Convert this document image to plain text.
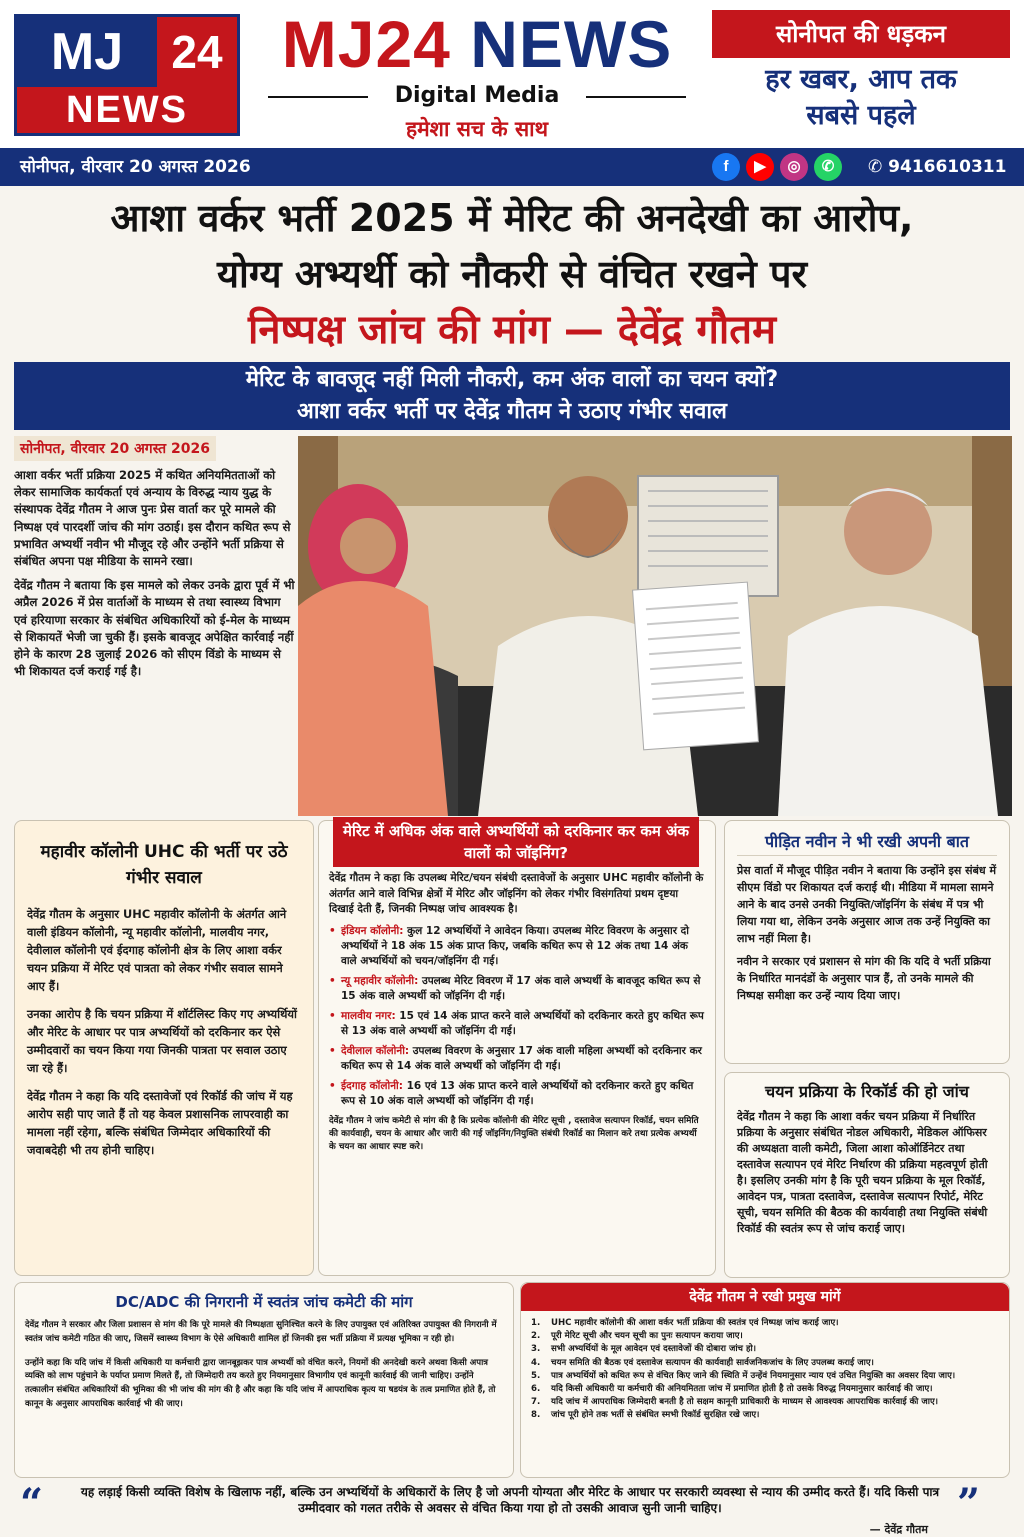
MJ	24
NEWS
MJ24 NEWS
Digital Media
हमेशा सच के साथ
सोनीपत की धड़कन
हर खबर, आप तक
सबसे पहले
सोनीपत, वीरवार 20 अगस्त 2026	f	▶	◎	✆	✆ 9416610311
आशा वर्कर भर्ती 2025 में मेरिट की अनदेखी का आरोप,
योग्य अभ्यर्थी को नौकरी से वंचित रखने पर
निष्पक्ष जांच की मांग — देवेंद्र गौतम
मेरिट के बावजूद नहीं मिली नौकरी, कम अंक वालों का चयन क्यों?
आशा वर्कर भर्ती पर देवेंद्र गौतम ने उठाए गंभीर सवाल
सोनीपत, वीरवार 20 अगस्त 2026

आशा वर्कर भर्ती प्रक्रिया 2025 में कथित अनियमितताओं को लेकर सामाजिक कार्यकर्ता एवं अन्याय के विरुद्ध न्याय युद्ध के संस्थापक देवेंद्र गौतम ने आज पुनः प्रेस वार्ता कर पूरे मामले की निष्पक्ष एवं पारदर्शी जांच की मांग उठाई। इस दौरान कथित रूप से प्रभावित अभ्यर्थी नवीन भी मौजूद रहे और उन्होंने भर्ती प्रक्रिया से संबंधित अपना पक्ष मीडिया के सामने रखा।

देवेंद्र गौतम ने बताया कि इस मामले को लेकर उनके द्वारा पूर्व में भी अप्रैल 2026 में प्रेस वार्ताओं के माध्यम से तथा स्वास्थ्य विभाग एवं हरियाणा सरकार के संबंधित अधिकारियों को ई-मेल के माध्यम से शिकायतें भेजी जा चुकी हैं। इसके बावजूद अपेक्षित कार्रवाई नहीं होने के कारण 28 जुलाई 2026 को सीएम विंडो के माध्यम से भी शिकायत दर्ज कराई गई है।

महावीर कॉलोनी UHC की भर्ती पर उठे गंभीर सवाल

देवेंद्र गौतम के अनुसार UHC महावीर कॉलोनी के अंतर्गत आने वाली इंडियन कॉलोनी, न्यू महावीर कॉलोनी, मालवीय नगर, देवीलाल कॉलोनी एवं ईदगाह कॉलोनी क्षेत्र के लिए आशा वर्कर चयन प्रक्रिया में मेरिट एवं पात्रता को लेकर गंभीर सवाल सामने आए हैं।

उनका आरोप है कि चयन प्रक्रिया में शॉर्टलिस्ट किए गए अभ्यर्थियों और मेरिट के आधार पर पात्र अभ्यर्थियों को दरकिनार कर ऐसे उम्मीदवारों का चयन किया गया जिनकी पात्रता पर सवाल उठाए जा रहे हैं।

देवेंद्र गौतम ने कहा कि यदि दस्तावेजों एवं रिकॉर्ड की जांच में यह आरोप सही पाए जाते हैं तो यह केवल प्रशासनिक लापरवाही का मामला नहीं रहेगा, बल्कि संबंधित जिम्मेदार अधिकारियों की जवाबदेही भी तय होनी चाहिए।

मेरिट में अधिक अंक वाले अभ्यर्थियों को दरकिनार कर कम अंक वालों को जॉइनिंग?

देवेंद्र गौतम ने कहा कि उपलब्ध मेरिट/चयन संबंधी दस्तावेजों के अनुसार UHC महावीर कॉलोनी के अंतर्गत आने वाले विभिन्न क्षेत्रों में मेरिट और जॉइनिंग को लेकर गंभीर विसंगतियां प्रथम दृष्टया दिखाई देती हैं, जिनकी निष्पक्ष जांच आवश्यक है।

• इंडियन कॉलोनी: कुल 12 अभ्यर्थियों ने आवेदन किया। उपलब्ध मेरिट विवरण के अनुसार दो अभ्यर्थियों ने 18 अंक 15 अंक प्राप्त किए, जबकि कथित रूप से 12 अंक तथा 14 अंक वाले अभ्यर्थियों को चयन/जॉइनिंग दी गई।
• न्यू महावीर कॉलोनी: उपलब्ध मेरिट विवरण में 17 अंक वाले अभ्यर्थी के बावजूद कथित रूप से 15 अंक वाले अभ्यर्थी को जॉइनिंग दी गई।
• मालवीय नगर: 15 एवं 14 अंक प्राप्त करने वाले अभ्यर्थियों को दरकिनार करते हुए कथित रूप से 13 अंक वाले अभ्यर्थी को जॉइनिंग दी गई।
• देवीलाल कॉलोनी: उपलब्ध विवरण के अनुसार 17 अंक वाली महिला अभ्यर्थी को दरकिनार कर कथित रूप से 14 अंक वाले अभ्यर्थी को जॉइनिंग दी गई।
• ईदगाह कॉलोनी: 16 एवं 13 अंक प्राप्त करने वाले अभ्यर्थियों को दरकिनार करते हुए कथित रूप से 10 अंक वाले अभ्यर्थी को जॉइनिंग दी गई।

देवेंद्र गौतम ने जांच कमेटी से मांग की है कि प्रत्येक कॉलोनी की मेरिट सूची , दस्तावेज सत्यापन रिकॉर्ड, चयन समिति की कार्यवाही, चयन के आधार और जारी की गई जॉइनिंग/नियुक्ति संबंधी रिकॉर्ड का मिलान करे तथा प्रत्येक अभ्यर्थी के चयन का आधार स्पष्ट करे।

पीड़ित नवीन ने भी रखी अपनी बात

प्रेस वार्ता में मौजूद पीड़ित नवीन ने बताया कि उन्होंने इस संबंध में सीएम विंडो पर शिकायत दर्ज कराई थी। मीडिया में मामला सामने आने के बाद उनसे उनकी नियुक्ति/जॉइनिंग के संबंध में पत्र भी लिया गया था, लेकिन उनके अनुसार आज तक उन्हें नियुक्ति का लाभ नहीं मिला है।

नवीन ने सरकार एवं प्रशासन से मांग की कि यदि वे भर्ती प्रक्रिया के निर्धारित मानदंडों के अनुसार पात्र हैं, तो उनके मामले की निष्पक्ष समीक्षा कर उन्हें न्याय दिया जाए।

चयन प्रक्रिया के रिकॉर्ड की हो जांच

देवेंद्र गौतम ने कहा कि आशा वर्कर चयन प्रक्रिया में निर्धारित प्रक्रिया के अनुसार संबंधित नोडल अधिकारी, मेडिकल ऑफिसर की अध्यक्षता वाली कमेटी, जिला आशा कोऑर्डिनेटर तथा दस्तावेज सत्यापन एवं मेरिट निर्धारण की प्रक्रिया महत्वपूर्ण होती है। इसलिए उनकी मांग है कि पूरी चयन प्रक्रिया के मूल रिकॉर्ड, आवेदन पत्र, पात्रता दस्तावेज, दस्तावेज सत्यापन रिपोर्ट, मेरिट सूची, चयन समिति की बैठक की कार्यवाही तथा नियुक्ति संबंधी रिकॉर्ड की स्वतंत्र रूप से जांच कराई जाए।

DC/ADC की निगरानी में स्वतंत्र जांच कमेटी की मांग

देवेंद्र गौतम ने सरकार और जिला प्रशासन से मांग की कि पूरे मामले की निष्पक्षता सुनिश्चित करने के लिए उपायुक्त एवं अतिरिक्त उपायुक्त की निगरानी में स्वतंत्र जांच कमेटी गठित की जाए, जिसमें स्वास्थ्य विभाग के ऐसे अधिकारी शामिल हों जिनकी इस भर्ती प्रक्रिया में प्रत्यक्ष भूमिका न रही हो।

उन्होंने कहा कि यदि जांच में किसी अधिकारी या कर्मचारी द्वारा जानबूझकर पात्र अभ्यर्थी को वंचित करने, नियमों की अनदेखी करने अथवा किसी अपात्र व्यक्ति को लाभ पहुंचाने के पर्याप्त प्रमाण मिलते हैं, तो जिम्मेदारी तय करते हुए नियमानुसार विभागीय एवं कानूनी कार्रवाई की जानी चाहिए। उन्होंने तत्कालीन संबंधित अधिकारियों की भूमिका की भी जांच की मांग की है और कहा कि यदि जांच में आपराधिक कृत्य या षडयंत्र के तत्व प्रमाणित होते हैं, तो कानून के अनुसार आपराधिक कार्रवाई भी की जाए।

देवेंद्र गौतम ने रखी प्रमुख मांगें
1.	UHC महावीर कॉलोनी की आशा वर्कर भर्ती प्रक्रिया की स्वतंत्र एवं निष्पक्ष जांच कराई जाए।
2.	पूरी मेरिट सूची और चयन सूची का पुनः सत्यापन कराया जाए।
3.	सभी अभ्यर्थियों के मूल आवेदन एवं दस्तावेजों की दोबारा जांच हो।
4.	चयन समिति की बैठक एवं दस्तावेज सत्यापन की कार्यवाही सार्वजनिकजांच के लिए उपलब्ध कराई जाए।
5.	पात्र अभ्यर्थियों को कथित रूप से वंचित किए जाने की स्थिति में उन्हेंवं नियमानुसार न्याय एवं उचित नियुक्ति का अवसर दिया जाए।
6.	यदि किसी अधिकारी या कर्मचारी की अनियमितता जांच में प्रमाणित होती है तो उसके विरुद्ध नियमानुसार कार्रवाई की जाए।
7.	यदि जांच में आपराधिक जिम्मेदारी बनती है तो सक्षम कानूनी प्राधिकारी के माध्यम से आवश्यक आपराधिक कार्रवाई की जाए।
8.	जांच पूरी होने तक भर्ती से संबंधित स्मभी रिकॉर्ड सुरक्षित रखे जाए।
“	यह लड़ाई किसी व्यक्ति विशेष के खिलाफ नहीं, बल्कि उन अभ्यर्थियों के अधिकारों के लिए है जो अपनी योग्यता और मेरिट के आधार पर सरकारी व्यवस्था से न्याय की उम्मीद करते हैं। यदि किसी पात्र उम्मीदवार को गलत तरीके से अवसर से वंचित किया गया हो तो उसकी आवाज सुनी जानी चाहिए।
— देवेंद्र गौतम
”
